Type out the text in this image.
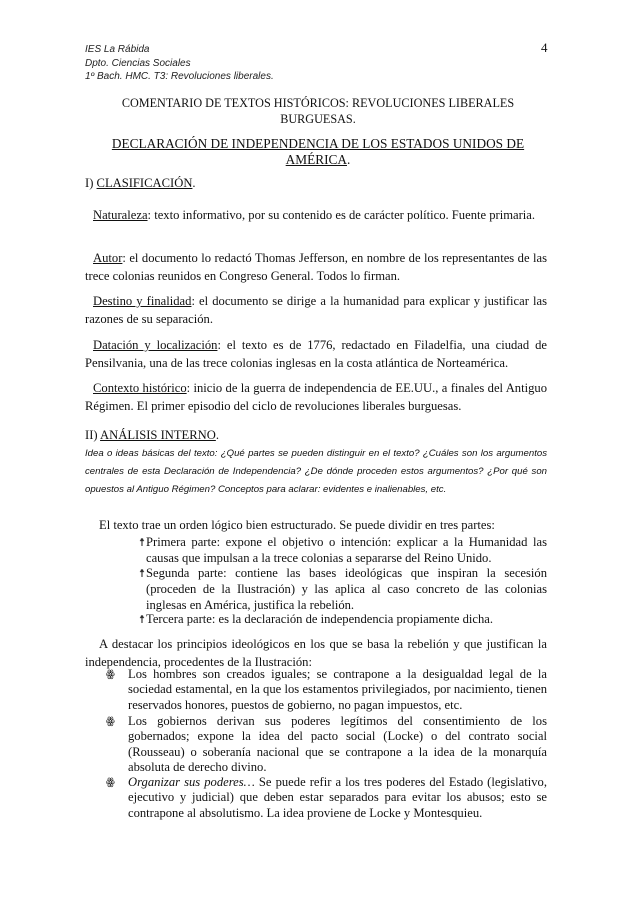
IES La Rábida
Dpto. Ciencias Sociales
1º Bach. HMC. T3: Revoluciones liberales.
4
COMENTARIO DE TEXTOS HISTÓRICOS: REVOLUCIONES LIBERALES BURGUESAS.
DECLARACIÓN DE INDEPENDENCIA DE LOS ESTADOS UNIDOS DE AMÉRICA.
I) CLASIFICACIÓN.
Naturaleza: texto informativo, por su contenido es de carácter político. Fuente primaria.
Autor: el documento lo redactó Thomas Jefferson, en nombre de los representantes de las trece colonias reunidos en Congreso General. Todos lo firman.
Destino y finalidad: el documento se dirige a la humanidad para explicar y justificar las razones de su separación.
Datación y localización: el texto es de 1776, redactado en Filadelfia, una ciudad de Pensilvania, una de las trece colonias inglesas en la costa atlántica de Norteamérica.
Contexto histórico: inicio de la guerra de independencia de EE.UU., a finales del Antiguo Régimen. El primer episodio del ciclo de revoluciones liberales burguesas.
II) ANÁLISIS INTERNO.
Idea o ideas básicas del texto: ¿Qué partes se pueden distinguir en el texto? ¿Cuáles son los argumentos centrales de esta Declaración de Independencia? ¿De dónde proceden estos argumentos? ¿Por qué son opuestos al Antiguo Régimen? Conceptos para aclarar: evidentes e inalienables, etc.
El texto trae un orden lógico bien estructurado. Se puede dividir en tres partes:
☨Primera parte: expone el objetivo o intención: explicar a la Humanidad las causas que impulsan a la trece colonias a separarse del Reino Unido.
☨Segunda parte: contiene las bases ideológicas que inspiran la secesión (proceden de la Ilustración) y las aplica al caso concreto de las colonias inglesas en América, justifica la rebelión.
☨Tercera parte: es la declaración de independencia propiamente dicha.
A destacar los principios ideológicos en los que se basa la rebelión y que justifican la independencia, procedentes de la Ilustración:
ꙮ Los hombres son creados iguales; se contrapone a la desigualdad legal de la sociedad estamental, en la que los estamentos privilegiados, por nacimiento, tienen reservados honores, puestos de gobierno, no pagan impuestos, etc.
ꙮ Los gobiernos derivan sus poderes legítimos del consentimiento de los gobernados; expone la idea del pacto social (Locke) o del contrato social (Rousseau) o soberanía nacional que se contrapone a la idea de la monarquía absoluta de derecho divino.
ꙮ Organizar sus poderes… Se puede refir a los tres poderes del Estado (legislativo, ejecutivo y judicial) que deben estar separados para evitar los abusos; esto se contrapone al absolutismo. La idea proviene de Locke y Montesquieu.
